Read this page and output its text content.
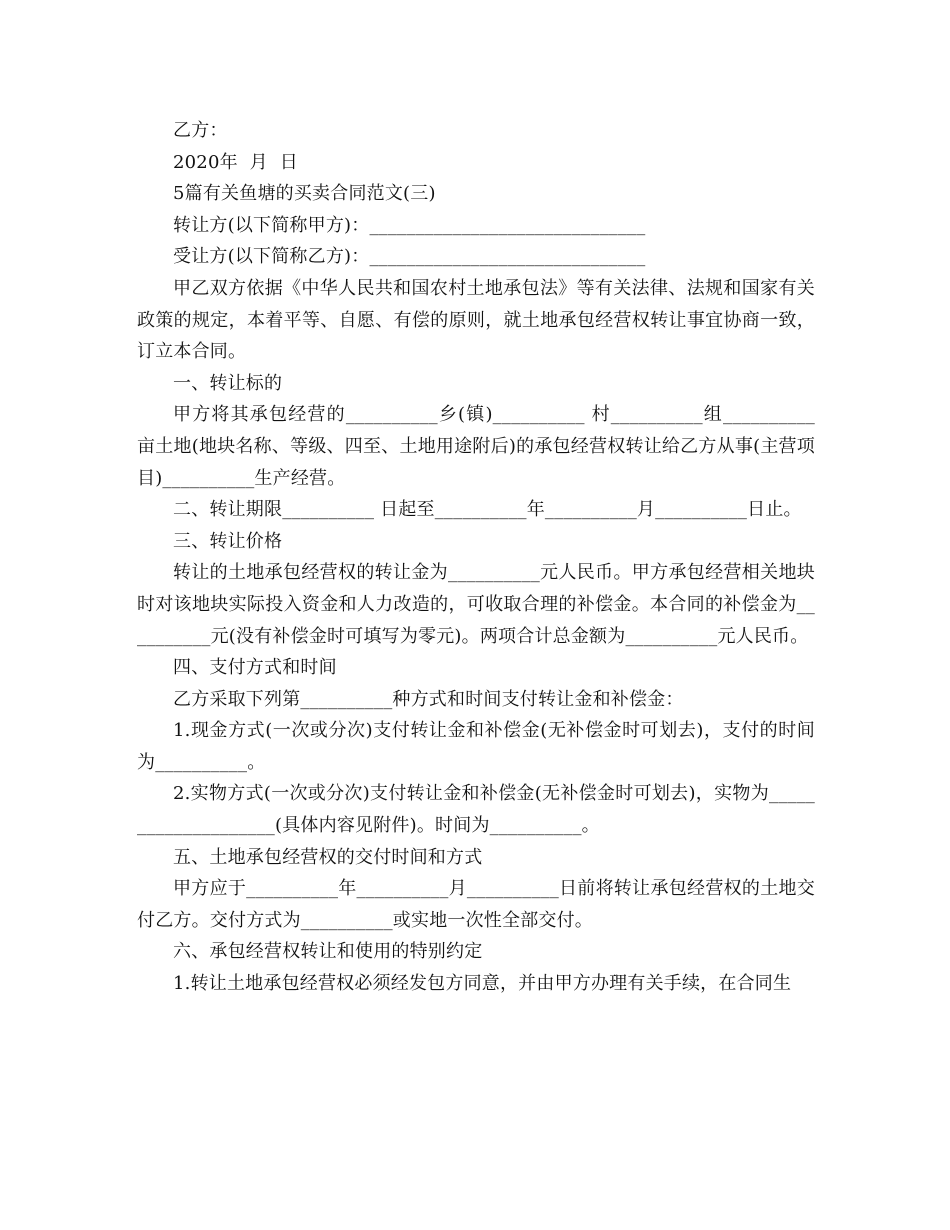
乙方：

2020年  月  日

5篇有关鱼塘的买卖合同范文(三)

转让方(以下简称甲方)：______________________________

受让方(以下简称乙方)：______________________________

甲乙双方依据《中华人民共和国农村土地承包法》等有关法律、法规和国家有关政策的规定，本着平等、自愿、有偿的原则，就土地承包经营权转让事宜协商一致，订立本合同。

一、转让标的

甲方将其承包经营的__________乡(镇)__________ 村__________组__________亩土地(地块名称、等级、四至、土地用途附后)的承包经营权转让给乙方从事(主营项目)__________生产经营。

二、转让期限__________ 日起至__________年__________月__________日止。

三、转让价格

转让的土地承包经营权的转让金为__________元人民币。甲方承包经营相关地块时对该地块实际投入资金和人力改造的，可收取合理的补偿金。本合同的补偿金为__________元(没有补偿金时可填写为零元)。两项合计总金额为__________元人民币。

四、支付方式和时间

乙方采取下列第__________种方式和时间支付转让金和补偿金：

1.现金方式(一次或分次)支付转让金和补偿金(无补偿金时可划去)，支付的时间为__________。

2.实物方式(一次或分次)支付转让金和补偿金(无补偿金时可划去)，实物为____________________(具体内容见附件)。时间为__________。

五、土地承包经营权的交付时间和方式

甲方应于__________年__________月__________日前将转让承包经营权的土地交付乙方。交付方式为__________或实地一次性全部交付。

六、承包经营权转让和使用的特别约定

1.转让土地承包经营权必须经发包方同意，并由甲方办理有关手续，在合同生
